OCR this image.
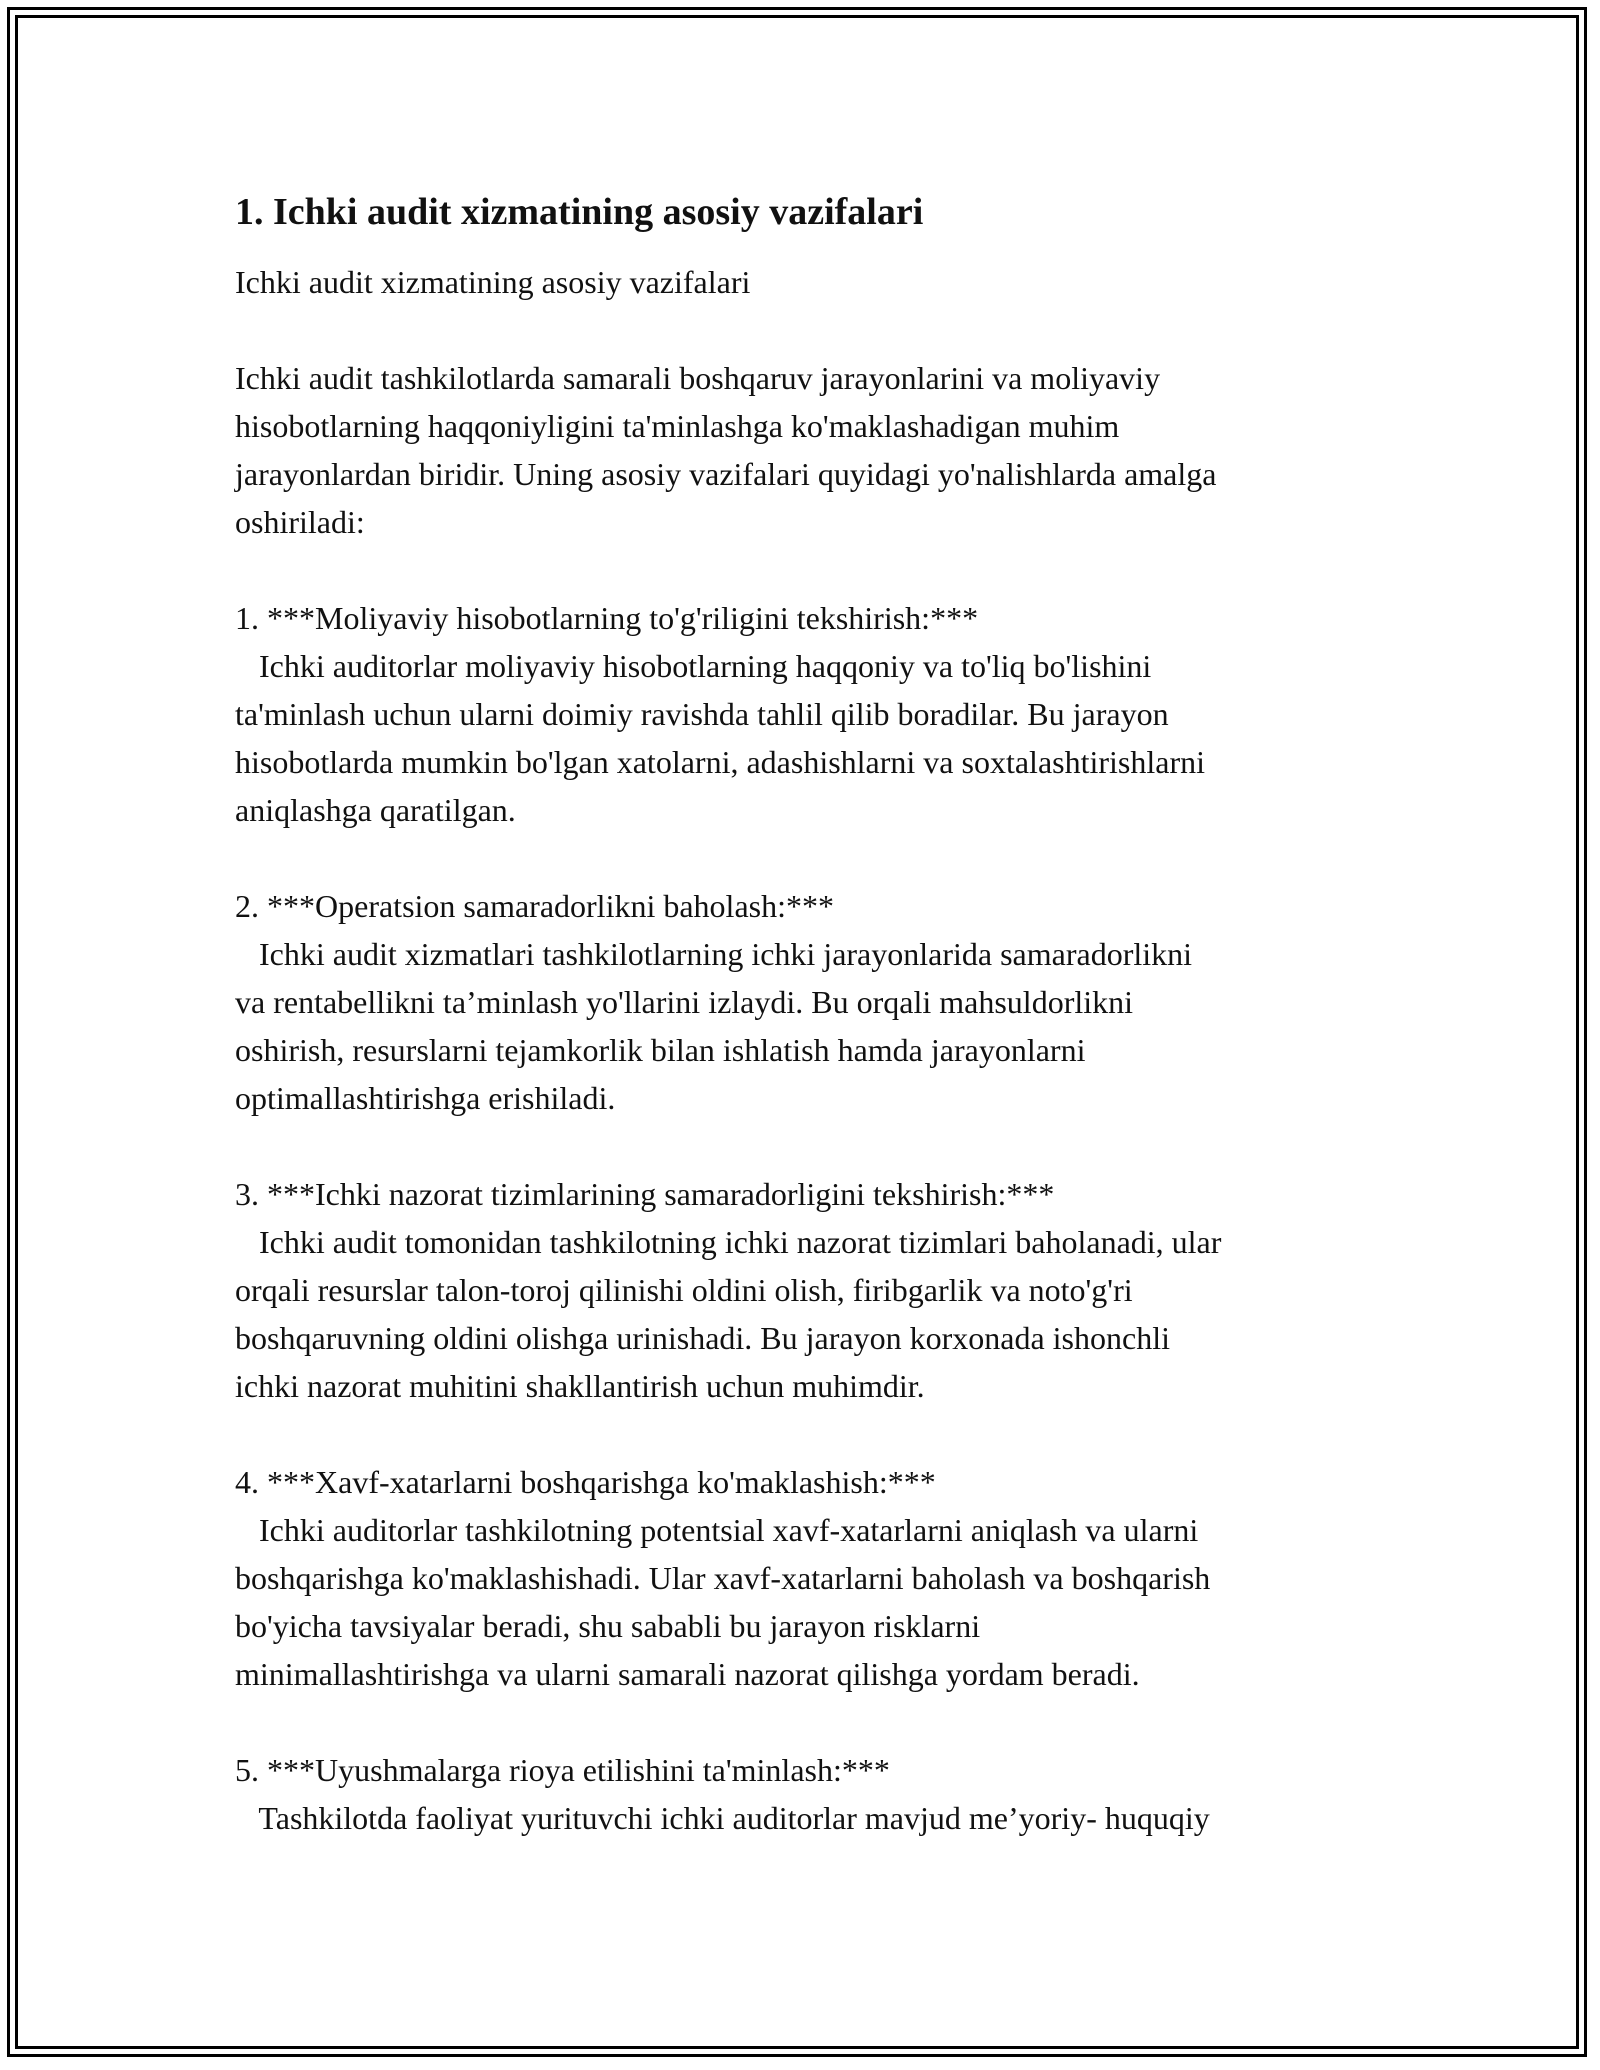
1. Ichki audit xizmatining asosiy vazifalari
Ichki audit xizmatining asosiy vazifalari

Ichki audit tashkilotlarda samarali boshqaruv jarayonlarini va moliyaviy

hisobotlarning haqqoniyligini ta'minlashga ko'maklashadigan muhim

jarayonlardan biridir. Uning asosiy vazifalari quyidagi yo'nalishlarda amalga

oshiriladi:

1. ***Moliyaviy hisobotlarning to'g'riligini tekshirish:***

Ichki auditorlar moliyaviy hisobotlarning haqqoniy va to'liq bo'lishini

ta'minlash uchun ularni doimiy ravishda tahlil qilib boradilar. Bu jarayon

hisobotlarda mumkin bo'lgan xatolarni, adashishlarni va soxtalashtirishlarni

aniqlashga qaratilgan.

2. ***Operatsion samaradorlikni baholash:***

Ichki audit xizmatlari tashkilotlarning ichki jarayonlarida samaradorlikni

va rentabellikni ta’minlash yo'llarini izlaydi. Bu orqali mahsuldorlikni

oshirish, resurslarni tejamkorlik bilan ishlatish hamda jarayonlarni

optimallashtirishga erishiladi.

3. ***Ichki nazorat tizimlarining samaradorligini tekshirish:***

Ichki audit tomonidan tashkilotning ichki nazorat tizimlari baholanadi, ular

orqali resurslar talon-toroj qilinishi oldini olish, firibgarlik va noto'g'ri

boshqaruvning oldini olishga urinishadi. Bu jarayon korxonada ishonchli

ichki nazorat muhitini shakllantirish uchun muhimdir.

4. ***Xavf-xatarlarni boshqarishga ko'maklashish:***

Ichki auditorlar tashkilotning potentsial xavf-xatarlarni aniqlash va ularni

boshqarishga ko'maklashishadi. Ular xavf-xatarlarni baholash va boshqarish

bo'yicha tavsiyalar beradi, shu sababli bu jarayon risklarni

minimallashtirishga va ularni samarali nazorat qilishga yordam beradi.

5. ***Uyushmalarga rioya etilishini ta'minlash:***

Tashkilotda faoliyat yurituvchi ichki auditorlar mavjud me’yoriy- huquqiy
